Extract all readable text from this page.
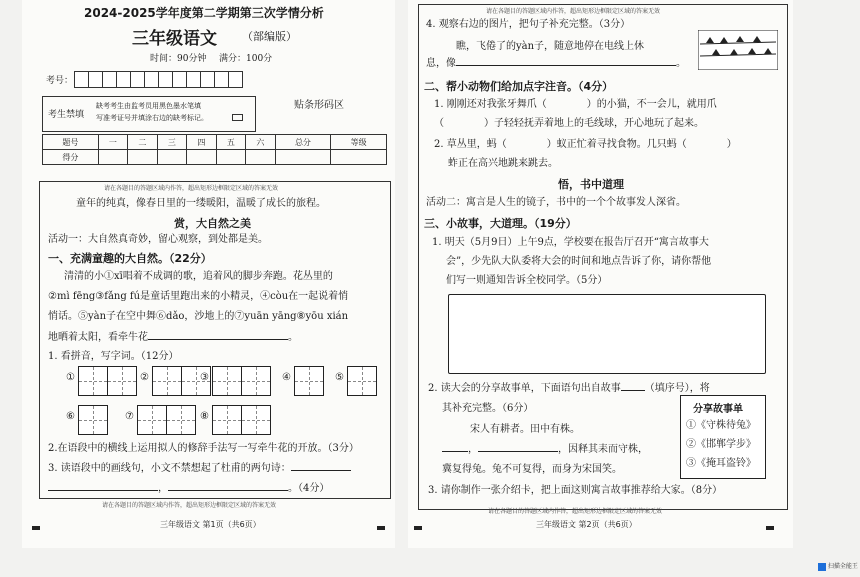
2024-2025学年度第二学期第三次学情分析
三年级语文 （部编版）
时间：90分钟 满分：100分
考号：
贴条形码区
考生禁填
缺考考生由监考员用黑色墨水笔填
写准考证号并填涂右边的缺考标记。
题号	一	二	三	四	五	六	总分	等级
得分								
请在各题目的答题区域内作答，超出矩形边框限定区域的答案无效
童年的纯真，像春日里的一缕暖阳，温暖了成长的旅程。
赏，大自然之美
活动一：大自然真奇妙，留心观察，到处都是美。
一、充满童趣的大自然。（22分）
清清的小①xī唱着不成调的歌，追着风的脚步奔跑。花丛里的
②mì fēng③fǎng fú是童话里跑出来的小精灵，④còu在一起说着悄
悄话。⑤yàn子在空中舞⑥dǎo，沙地上的⑦yuān yāng⑧yōu xián
地晒着太阳，看牵牛花	。
1. 看拼音，写字词。（12分）
①	②	③	④	⑤
⑥	⑦	⑧
2.在语段中的横线上运用拟人的修辞手法写一写牵牛花的开放。（3分）
3. 读语段中的画线句，小文不禁想起了杜甫的两句诗：
，	。（4分）
请在各题目的答题区域内作答，超出矩形边框限定区域的答案无效
三年级语文 第1页（共6页）
请在各题目的答题区域内作答，超出矩形边框限定区域的答案无效
4. 观察右边的图片，把句子补充完整。（3分）
瞧，飞倦了的yàn子，随意地停在电线上休
息，像	。
二、帮小动物们给加点字注音。（4分）
1. 刚刚还对我张牙舞爪（	）的小猫，不一会儿，就用爪
（	）子轻轻抚弄着地上的毛线球，开心地玩了起来。
2. 草丛里，蚂（	）蚁正忙着寻找食物。几只蚂（	）
蚱正在高兴地跳来跳去。
悟，书中道理
活动二：寓言是人生的镜子，书中的一个个故事发人深省。
三、小故事，大道理。（19分）
1. 明天（5月9日）上午9点，学校要在报告厅召开“寓言故事大
会”，少先队大队委将大会的时间和地点告诉了你，请你帮他
们写一则通知告诉全校同学。（5分）
2. 读大会的分享故事单，下面语句出自故事 （填序号），将
其补充完整。（6分）
宋人有耕者。田中有株。
，	，因释其耒而守株，
冀复得兔。兔不可复得，而身为宋国笑。
分享故事单
①《守株待兔》
②《邯郸学步》
③《掩耳盗铃》
3. 请你制作一张介绍卡，把上面这则寓言故事推荐给大家。（8分）
请在各题目的答题区域内作答，超出矩形边框限定区域的答案无效
三年级语文 第2页（共6页）
扫描全能王
